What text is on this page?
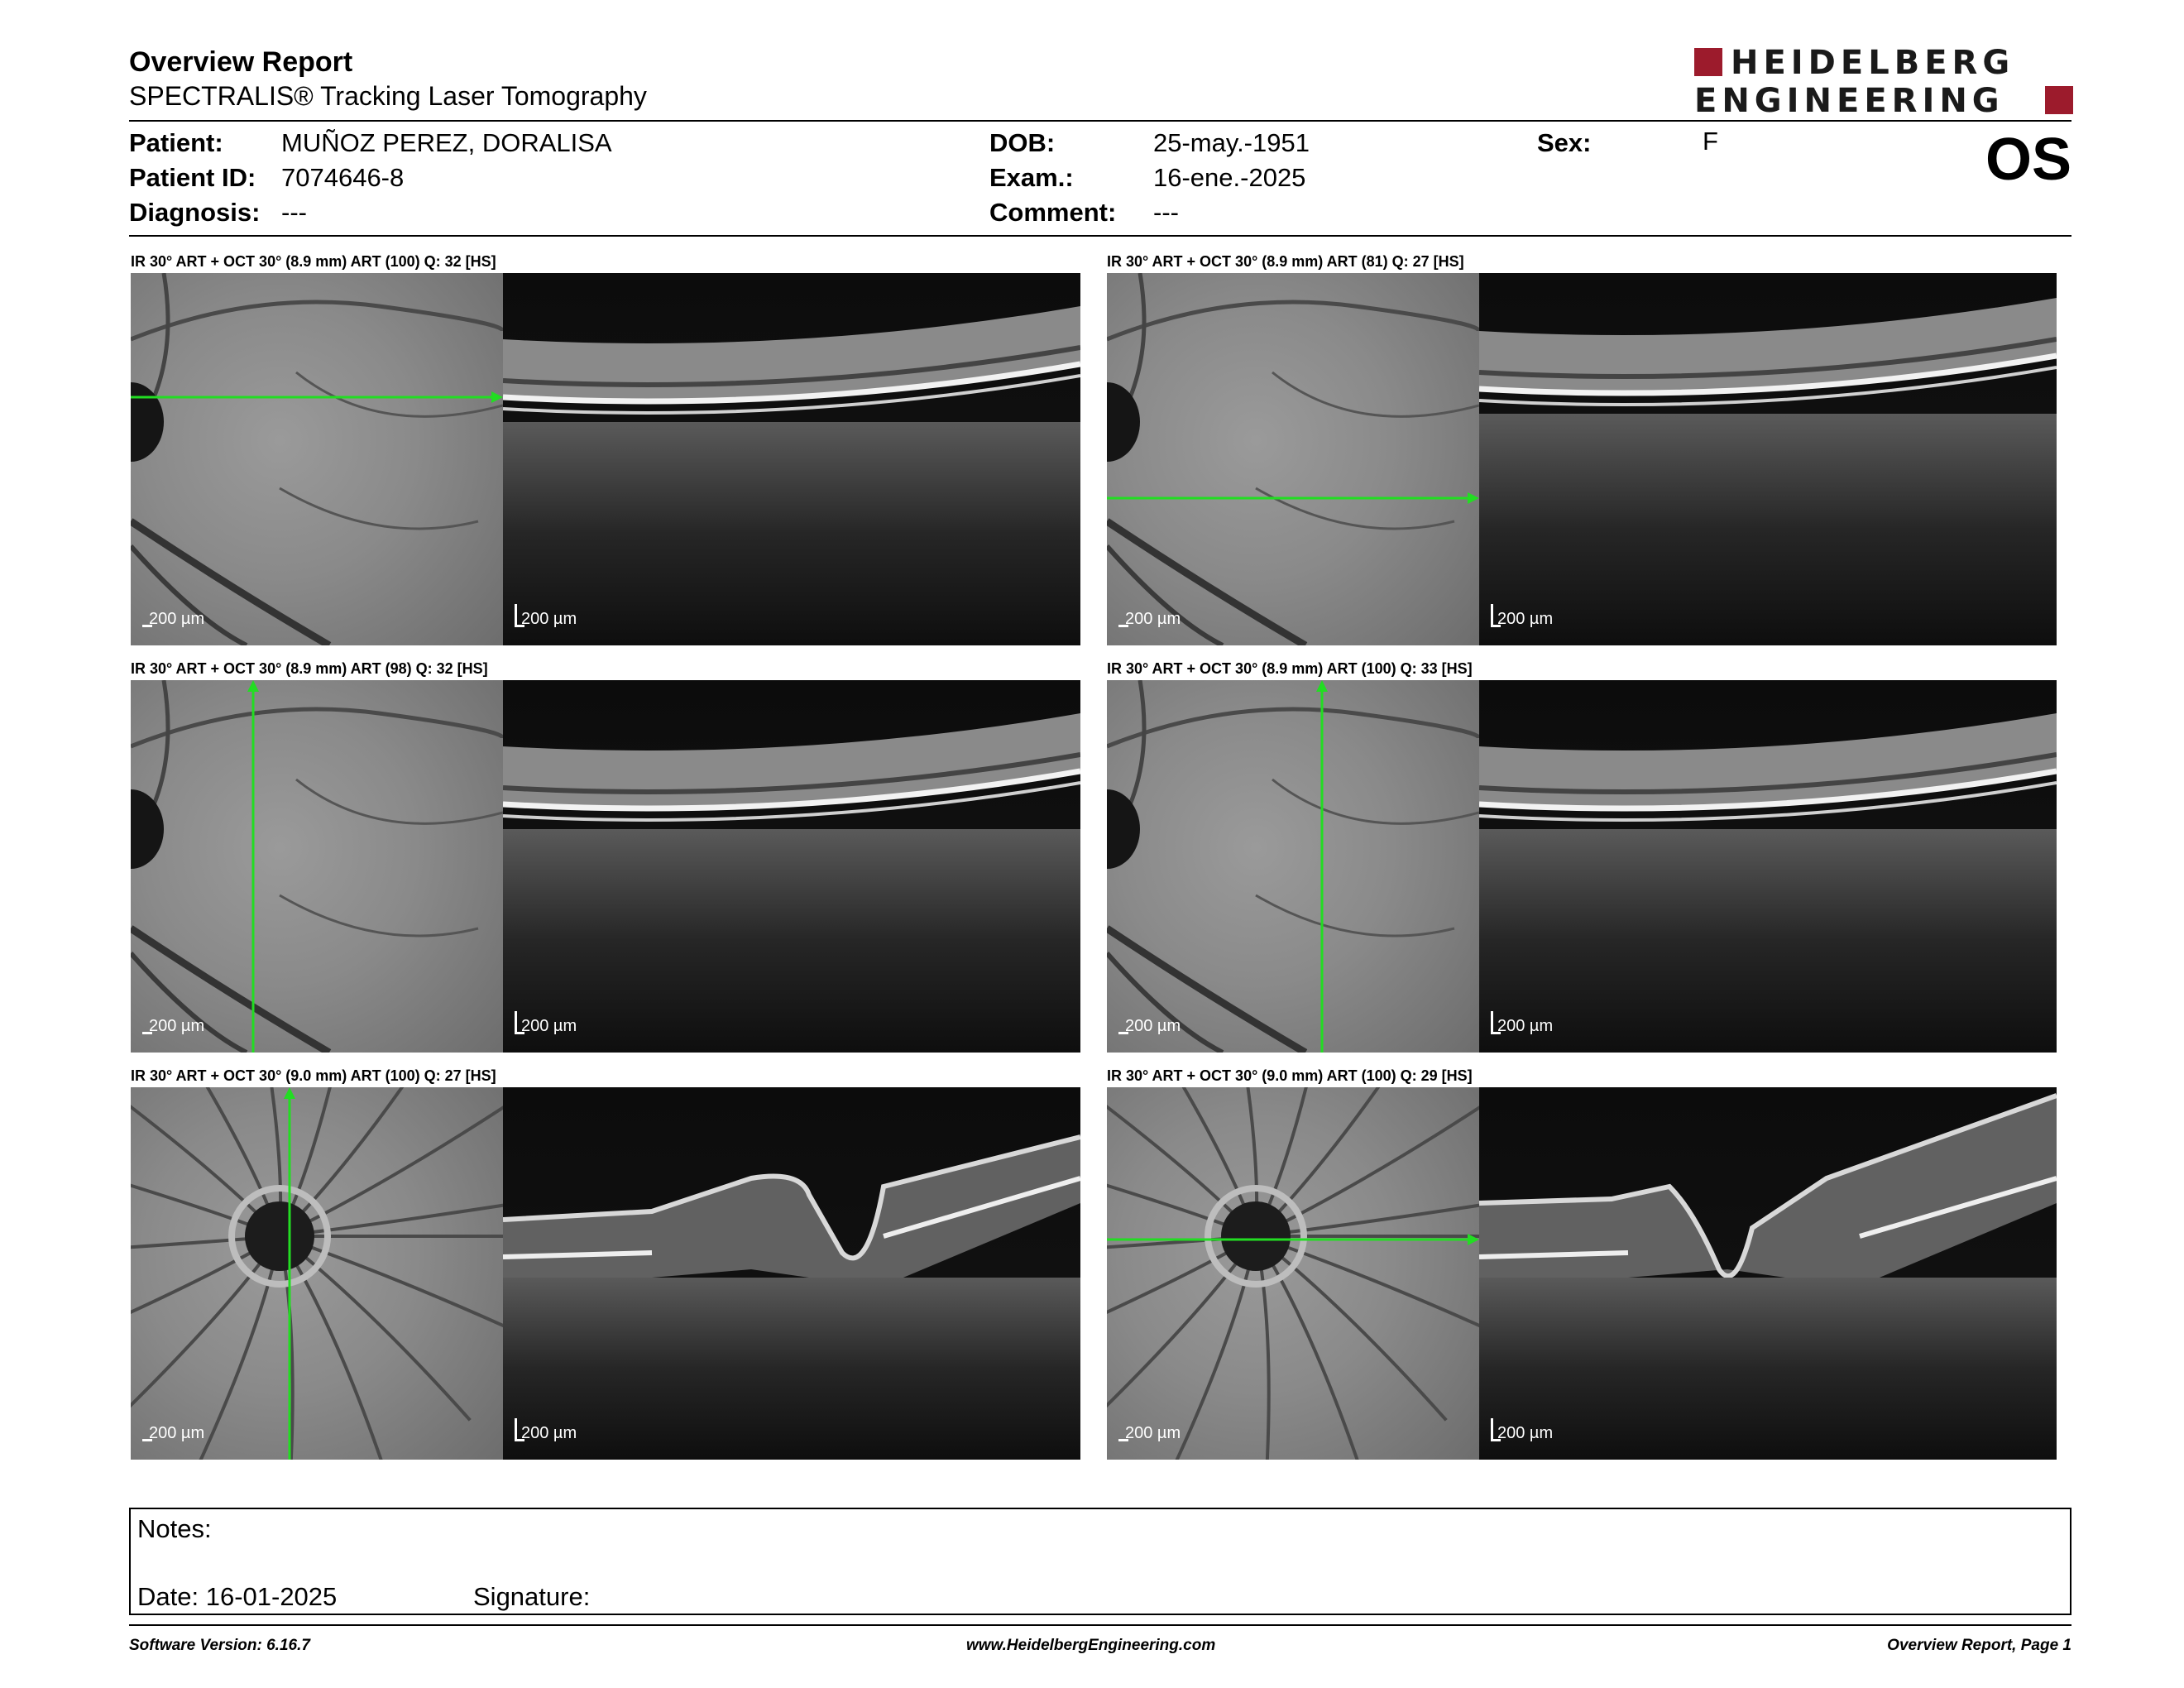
Overview Report
SPECTRALIS® Tracking Laser Tomography
HEIDELBERG
ENGINEERING
Patient: MUÑOZ PEREZ, DORALISA
Patient ID: 7074646-8
Diagnosis: ---
DOB:	25-may.-1951
Exam.:	16-ene.-2025
Comment: ---
Sex:	F	OS
IR 30° ART + OCT 30° (8.9 mm) ART (100) Q: 32 [HS]
200 µm	200 µm
IR 30° ART + OCT 30° (8.9 mm) ART (81) Q: 27 [HS]
200 µm	200 µm
IR 30° ART + OCT 30° (8.9 mm) ART (98) Q: 32 [HS]
200 µm	200 µm
IR 30° ART + OCT 30° (8.9 mm) ART (100) Q: 33 [HS]
200 µm	200 µm
IR 30° ART + OCT 30° (9.0 mm) ART (100) Q: 27 [HS]
200 µm	200 µm
IR 30° ART + OCT 30° (9.0 mm) ART (100) Q: 29 [HS]
200 µm	200 µm
Notes:
Date: 16-01-2025	Signature:
Software Version: 6.16.7	www.HeidelbergEngineering.com	Overview Report, Page 1
